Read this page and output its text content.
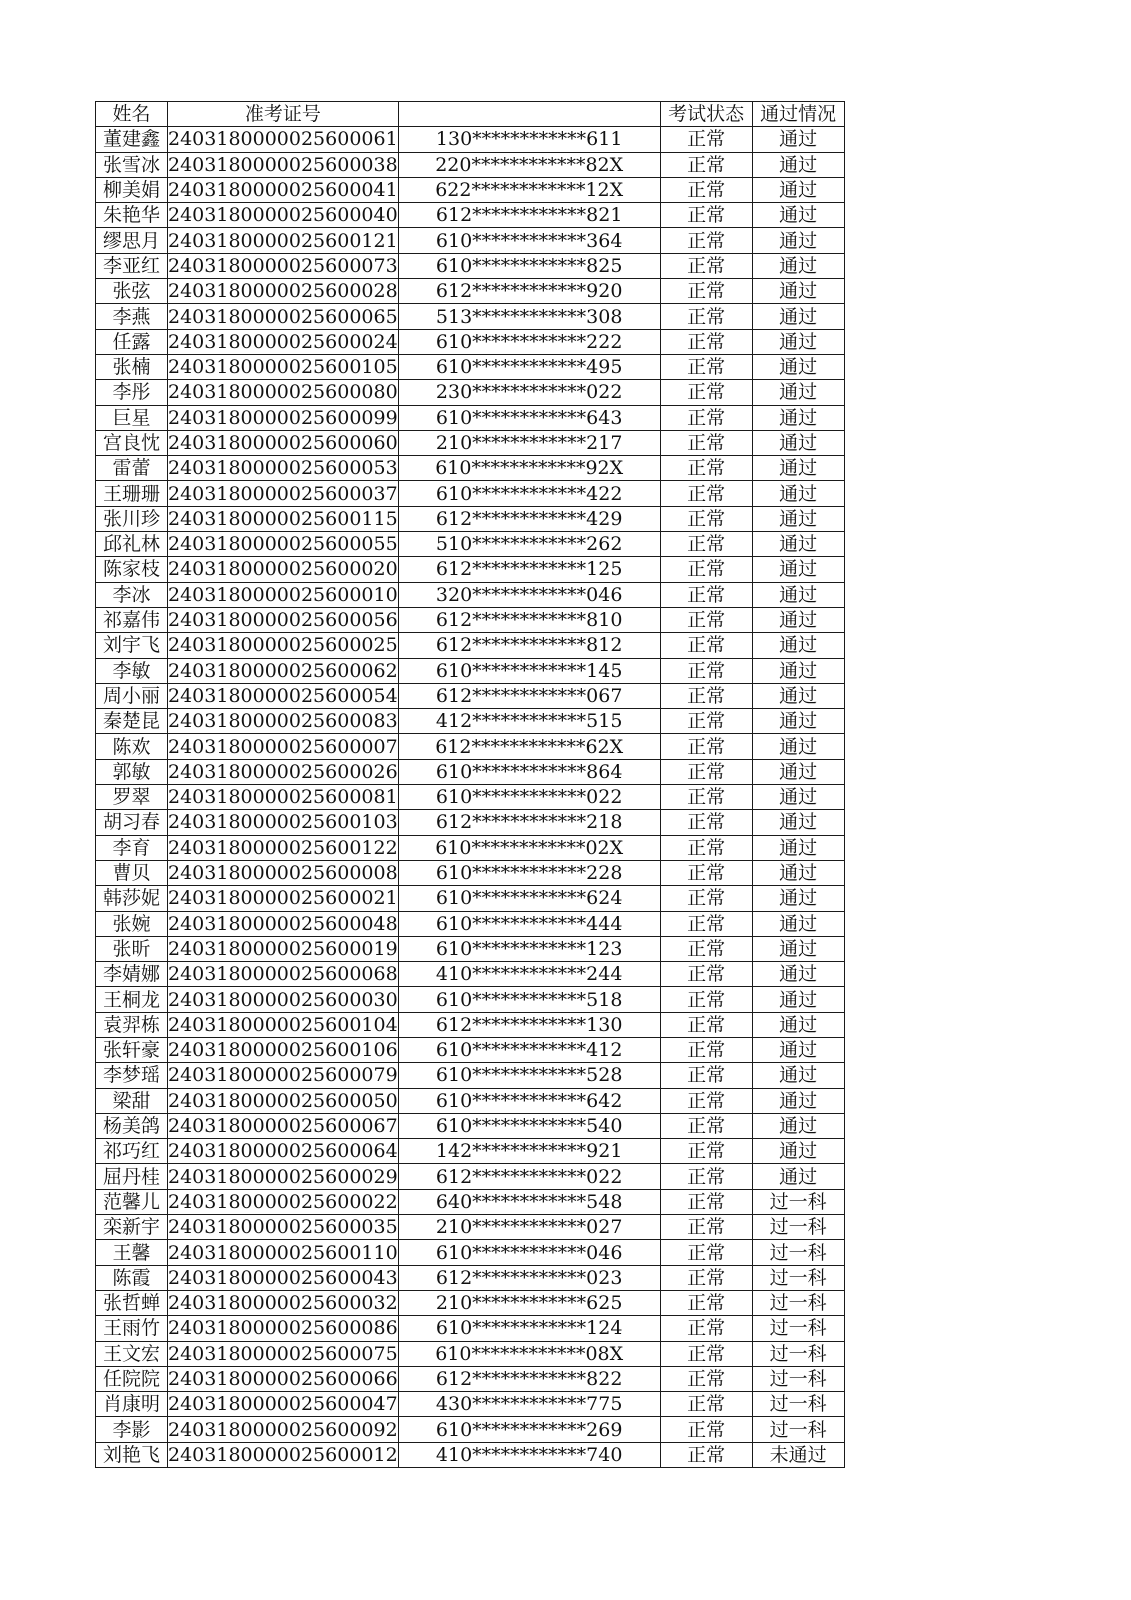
姓名	准考证号		考试状态	通过情况
董建鑫	2403180000025600061	130************611	正常	通过
张雪冰	2403180000025600038	220************82X	正常	通过
柳美娟	2403180000025600041	622************12X	正常	通过
朱艳华	2403180000025600040	612************821	正常	通过
缪思月	2403180000025600121	610************364	正常	通过
李亚红	2403180000025600073	610************825	正常	通过
张弦	2403180000025600028	612************920	正常	通过
李燕	2403180000025600065	513************308	正常	通过
任露	2403180000025600024	610************222	正常	通过
张楠	2403180000025600105	610************495	正常	通过
李彤	2403180000025600080	230************022	正常	通过
巨星	2403180000025600099	610************643	正常	通过
宫良忱	2403180000025600060	210************217	正常	通过
雷蕾	2403180000025600053	610************92X	正常	通过
王珊珊	2403180000025600037	610************422	正常	通过
张川珍	2403180000025600115	612************429	正常	通过
邱礼林	2403180000025600055	510************262	正常	通过
陈家枝	2403180000025600020	612************125	正常	通过
李冰	2403180000025600010	320************046	正常	通过
祁嘉伟	2403180000025600056	612************810	正常	通过
刘宇飞	2403180000025600025	612************812	正常	通过
李敏	2403180000025600062	610************145	正常	通过
周小丽	2403180000025600054	612************067	正常	通过
秦楚昆	2403180000025600083	412************515	正常	通过
陈欢	2403180000025600007	612************62X	正常	通过
郭敏	2403180000025600026	610************864	正常	通过
罗翠	2403180000025600081	610************022	正常	通过
胡习春	2403180000025600103	612************218	正常	通过
李育	2403180000025600122	610************02X	正常	通过
曹贝	2403180000025600008	610************228	正常	通过
韩莎妮	2403180000025600021	610************624	正常	通过
张婉	2403180000025600048	610************444	正常	通过
张昕	2403180000025600019	610************123	正常	通过
李婧娜	2403180000025600068	410************244	正常	通过
王桐龙	2403180000025600030	610************518	正常	通过
袁羿栋	2403180000025600104	612************130	正常	通过
张轩豪	2403180000025600106	610************412	正常	通过
李梦瑶	2403180000025600079	610************528	正常	通过
梁甜	2403180000025600050	610************642	正常	通过
杨美鸽	2403180000025600067	610************540	正常	通过
祁巧红	2403180000025600064	142************921	正常	通过
屈丹桂	2403180000025600029	612************022	正常	通过
范馨儿	2403180000025600022	640************548	正常	过一科
栾新宇	2403180000025600035	210************027	正常	过一科
王馨	2403180000025600110	610************046	正常	过一科
陈霞	2403180000025600043	612************023	正常	过一科
张哲蝉	2403180000025600032	210************625	正常	过一科
王雨竹	2403180000025600086	610************124	正常	过一科
王文宏	2403180000025600075	610************08X	正常	过一科
任院院	2403180000025600066	612************822	正常	过一科
肖康明	2403180000025600047	430************775	正常	过一科
李影	2403180000025600092	610************269	正常	过一科
刘艳飞	2403180000025600012	410************740	正常	未通过
